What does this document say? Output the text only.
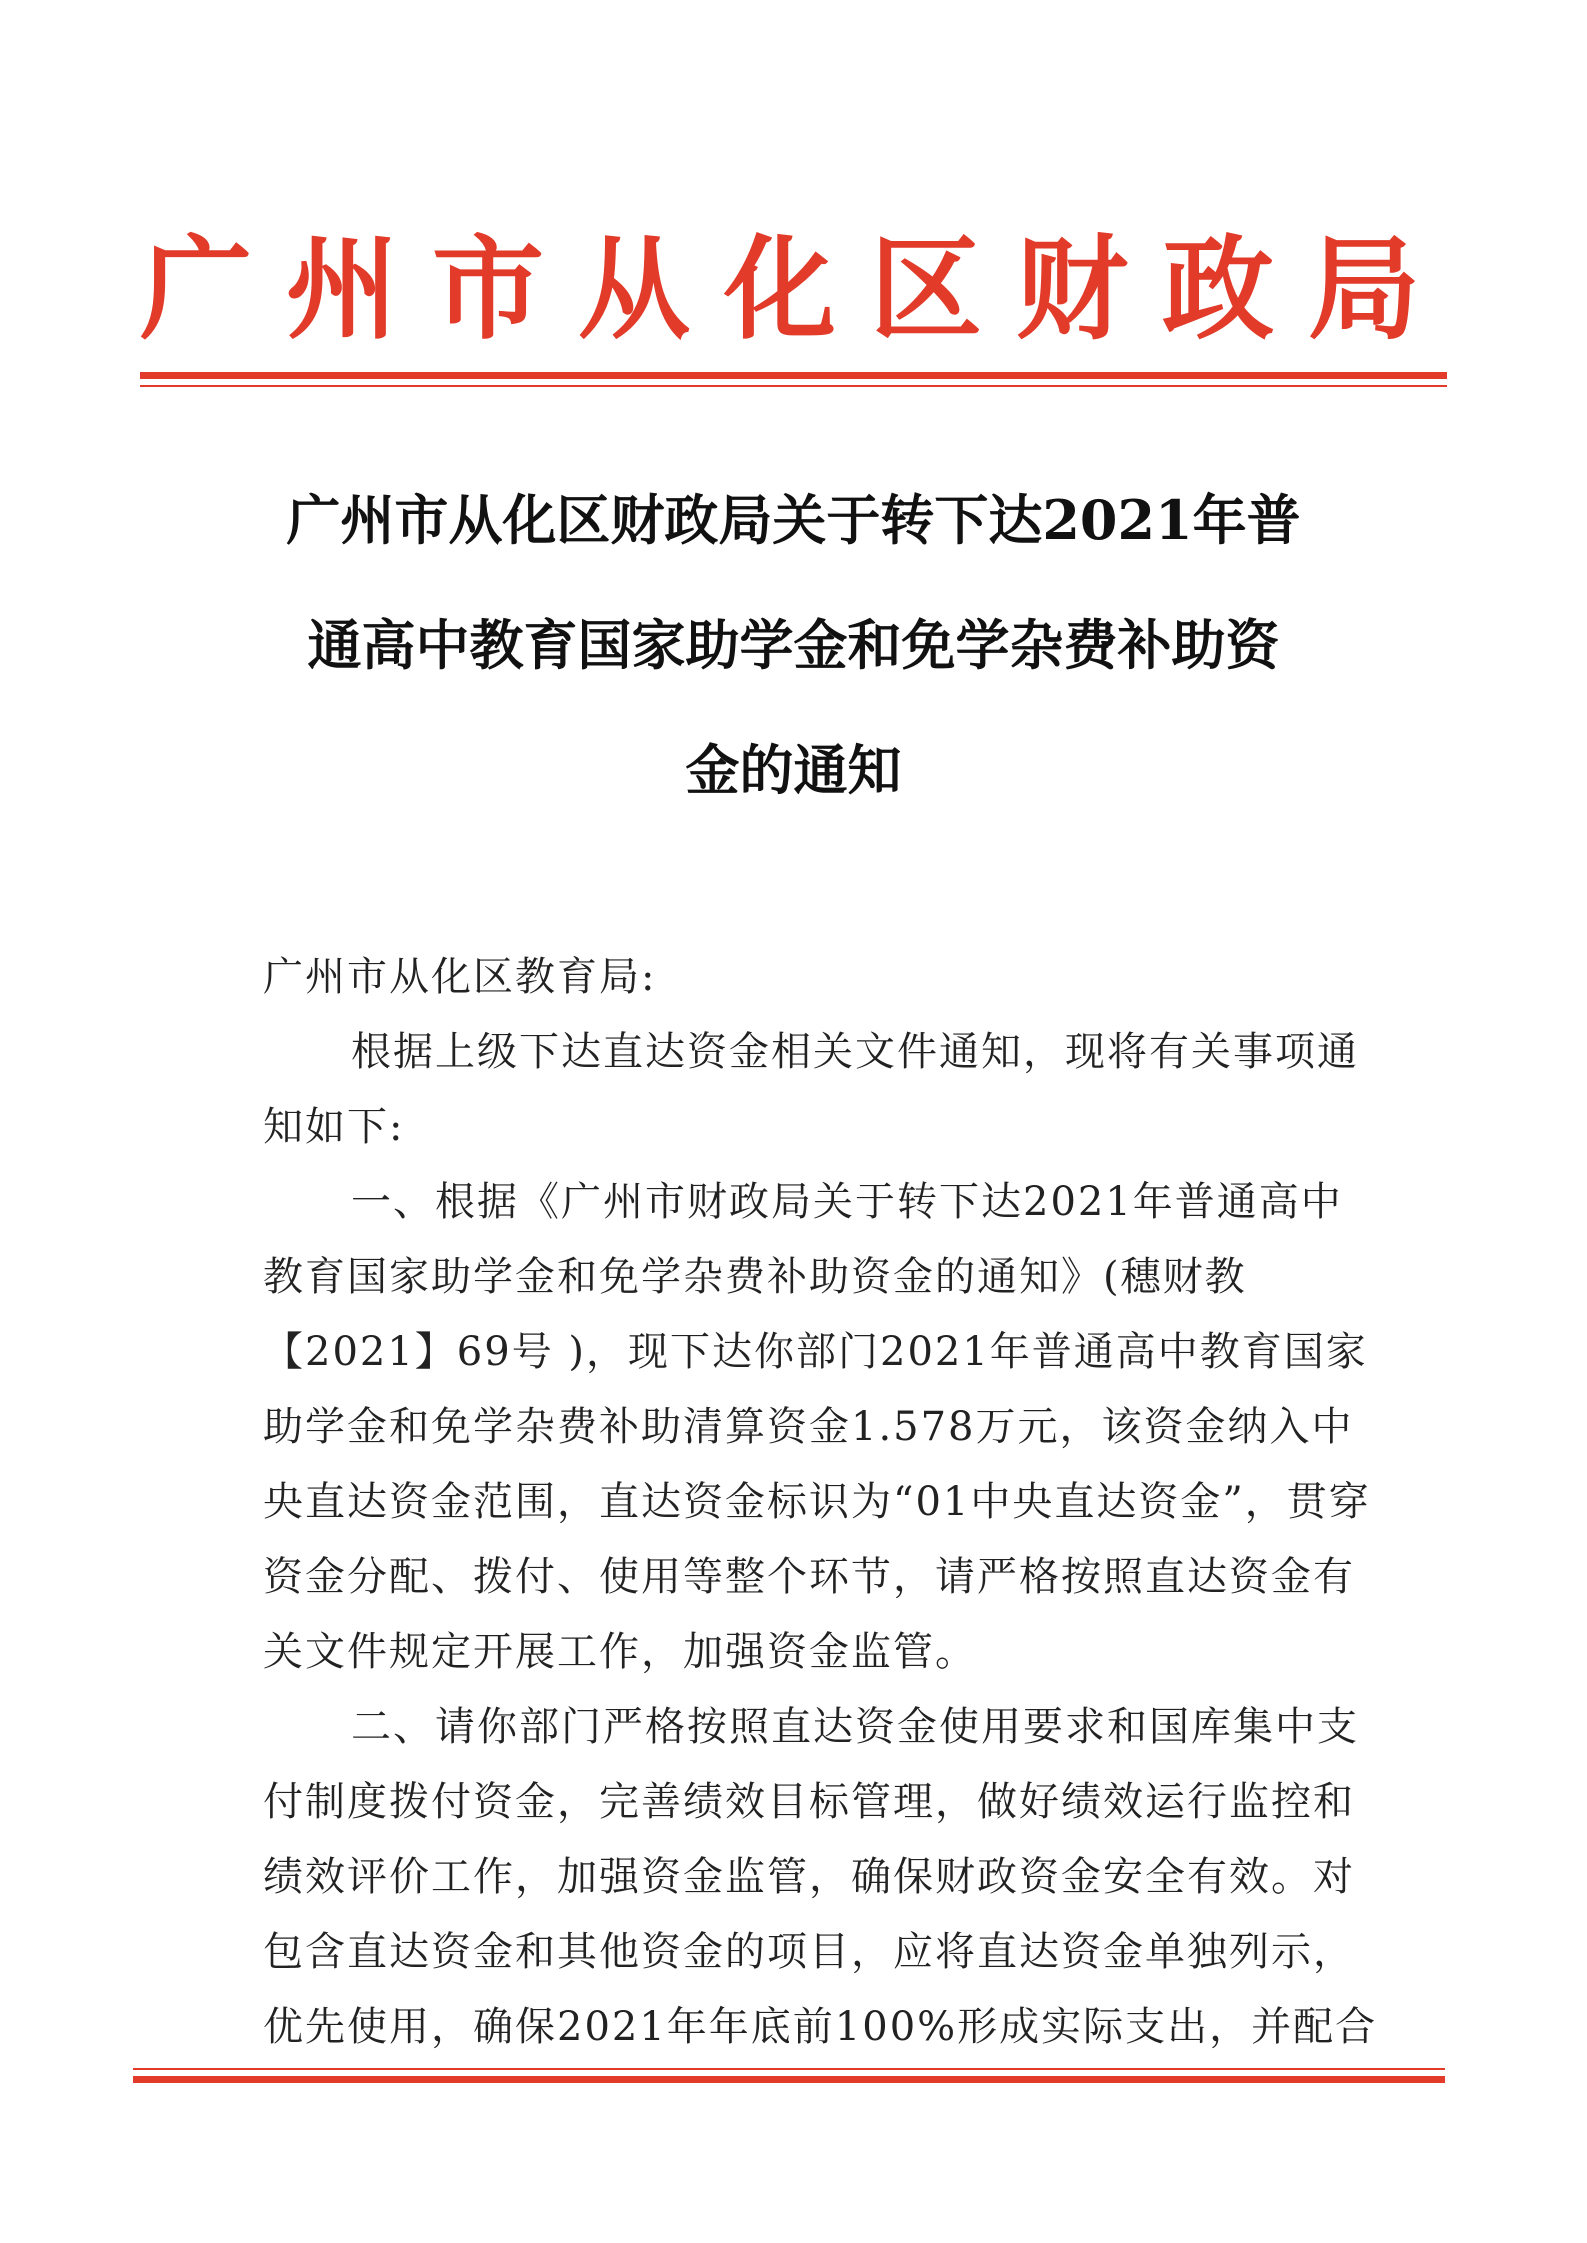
广州市从化区财政局
广州市从化区财政局关于转下达2021年普
通高中教育国家助学金和免学杂费补助资
金的通知

广州市从化区教育局:

根据上级下达直达资金相关文件通知，现将有关事项通知如下:

一、根据《广州市财政局关于转下达2021年普通高中教育国家助学金和免学杂费补助资金的通知》(穗财教【2021】69号 )，现下达你部门2021年普通高中教育国家助学金和免学杂费补助清算资金1.578万元，该资金纳入中央直达资金范围，直达资金标识为“01中央直达资金”，贯穿资金分配、拨付、使用等整个环节，请严格按照直达资金有关文件规定开展工作，加强资金监管。

二、请你部门严格按照直达资金使用要求和国库集中支付制度拨付资金，完善绩效目标管理，做好绩效运行监控和绩效评价工作，加强资金监管，确保财政资金安全有效。对包含直达资金和其他资金的项目，应将直达资金单独列示，优先使用，确保2021年年底前100%形成实际支出，并配合
